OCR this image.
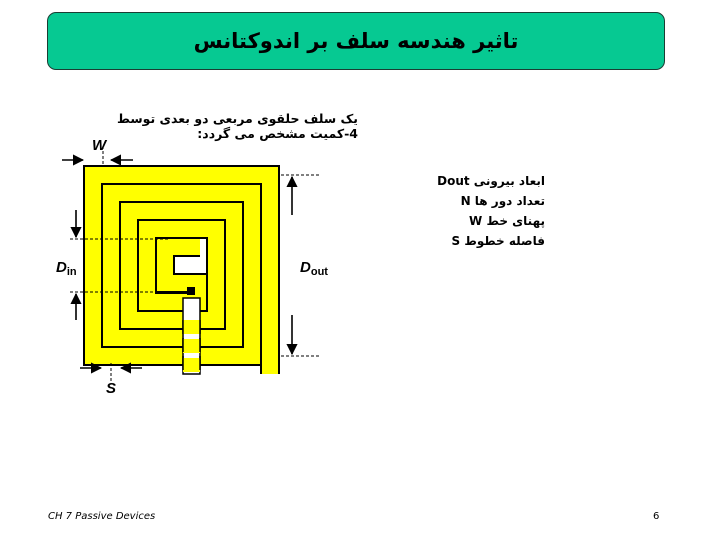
تاثیر هندسه سلف بر اندوکتانس
یک سلف حلقوی مربعی دو بعدی توسط
4-کمیت مشخص می گردد:
ابعاد بیرونی Dout
تعداد دور ها N
پهنای خط W
فاصله خطوط S
W
S
$D_{in}$	$D_{out}$
CH 7 Passive Devices	6
